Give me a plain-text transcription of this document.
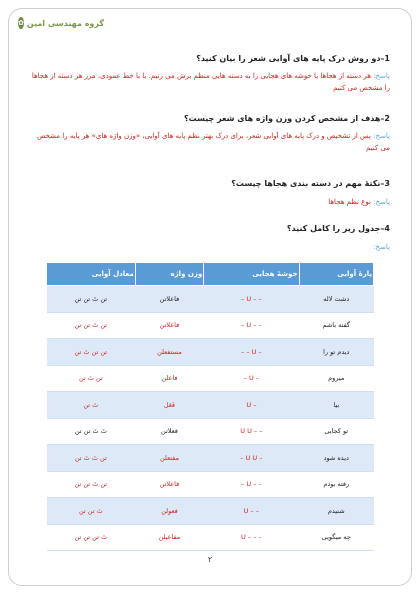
✿ گروه مهندسی امین

1–دو روش درک پایه های آوایی شعر را بیان کنید؟

پاسخ: هر دسته از هجاها یا خوشه های هجایی را به دسته هایی منظم برش می زنیم. یا با خط عمودی، مرز هر دسته از هجاها را مشخص می کنیم

2–هدف از مشخص کردن وزن واژه های شعر چیست؟

پاسخ: پس از تشخیص و درک پایه های آوایی شعر، برای درک بهتر نظم پایه های آوایی، «وزن واژه های» هر پایه را مشخص می کنیم

3–نکتهٔ مهم در دسته بندی هجاها چیست؟

پاسخ: نوع نظم هجاها

4–جدول زیر را کامل کنید؟

پاسخ:

پارهٔ آوایی	خوشهٔ هجایی	وزن واژه	معادل آوایی
دشت لاله	– – U –	فاعلاتن	تن تَ تن تن
گفته باشم	– – U –	فاعلاتن	تن تَ تن تن
دیدم تو را	– U – –	مستفعلن	تن تن تَ تن
میروم	– U –	فاعلن	تن تَ تن
بیا	– U	فَعَل	تَ تن
تو کجایی	– – U U	فعلاتن	تَ تَ تن تن
دیده شود	– U U –	مفتعلن	تن تَ تَ تن
رفته بودم	– – U –	فاعلاتن	تن تَ تن تن
شنیدم	– – U	فعولن	تَ تن تن
چه میگویی	– – – U	مفاعیلن	تَ تن تن تن
۲
